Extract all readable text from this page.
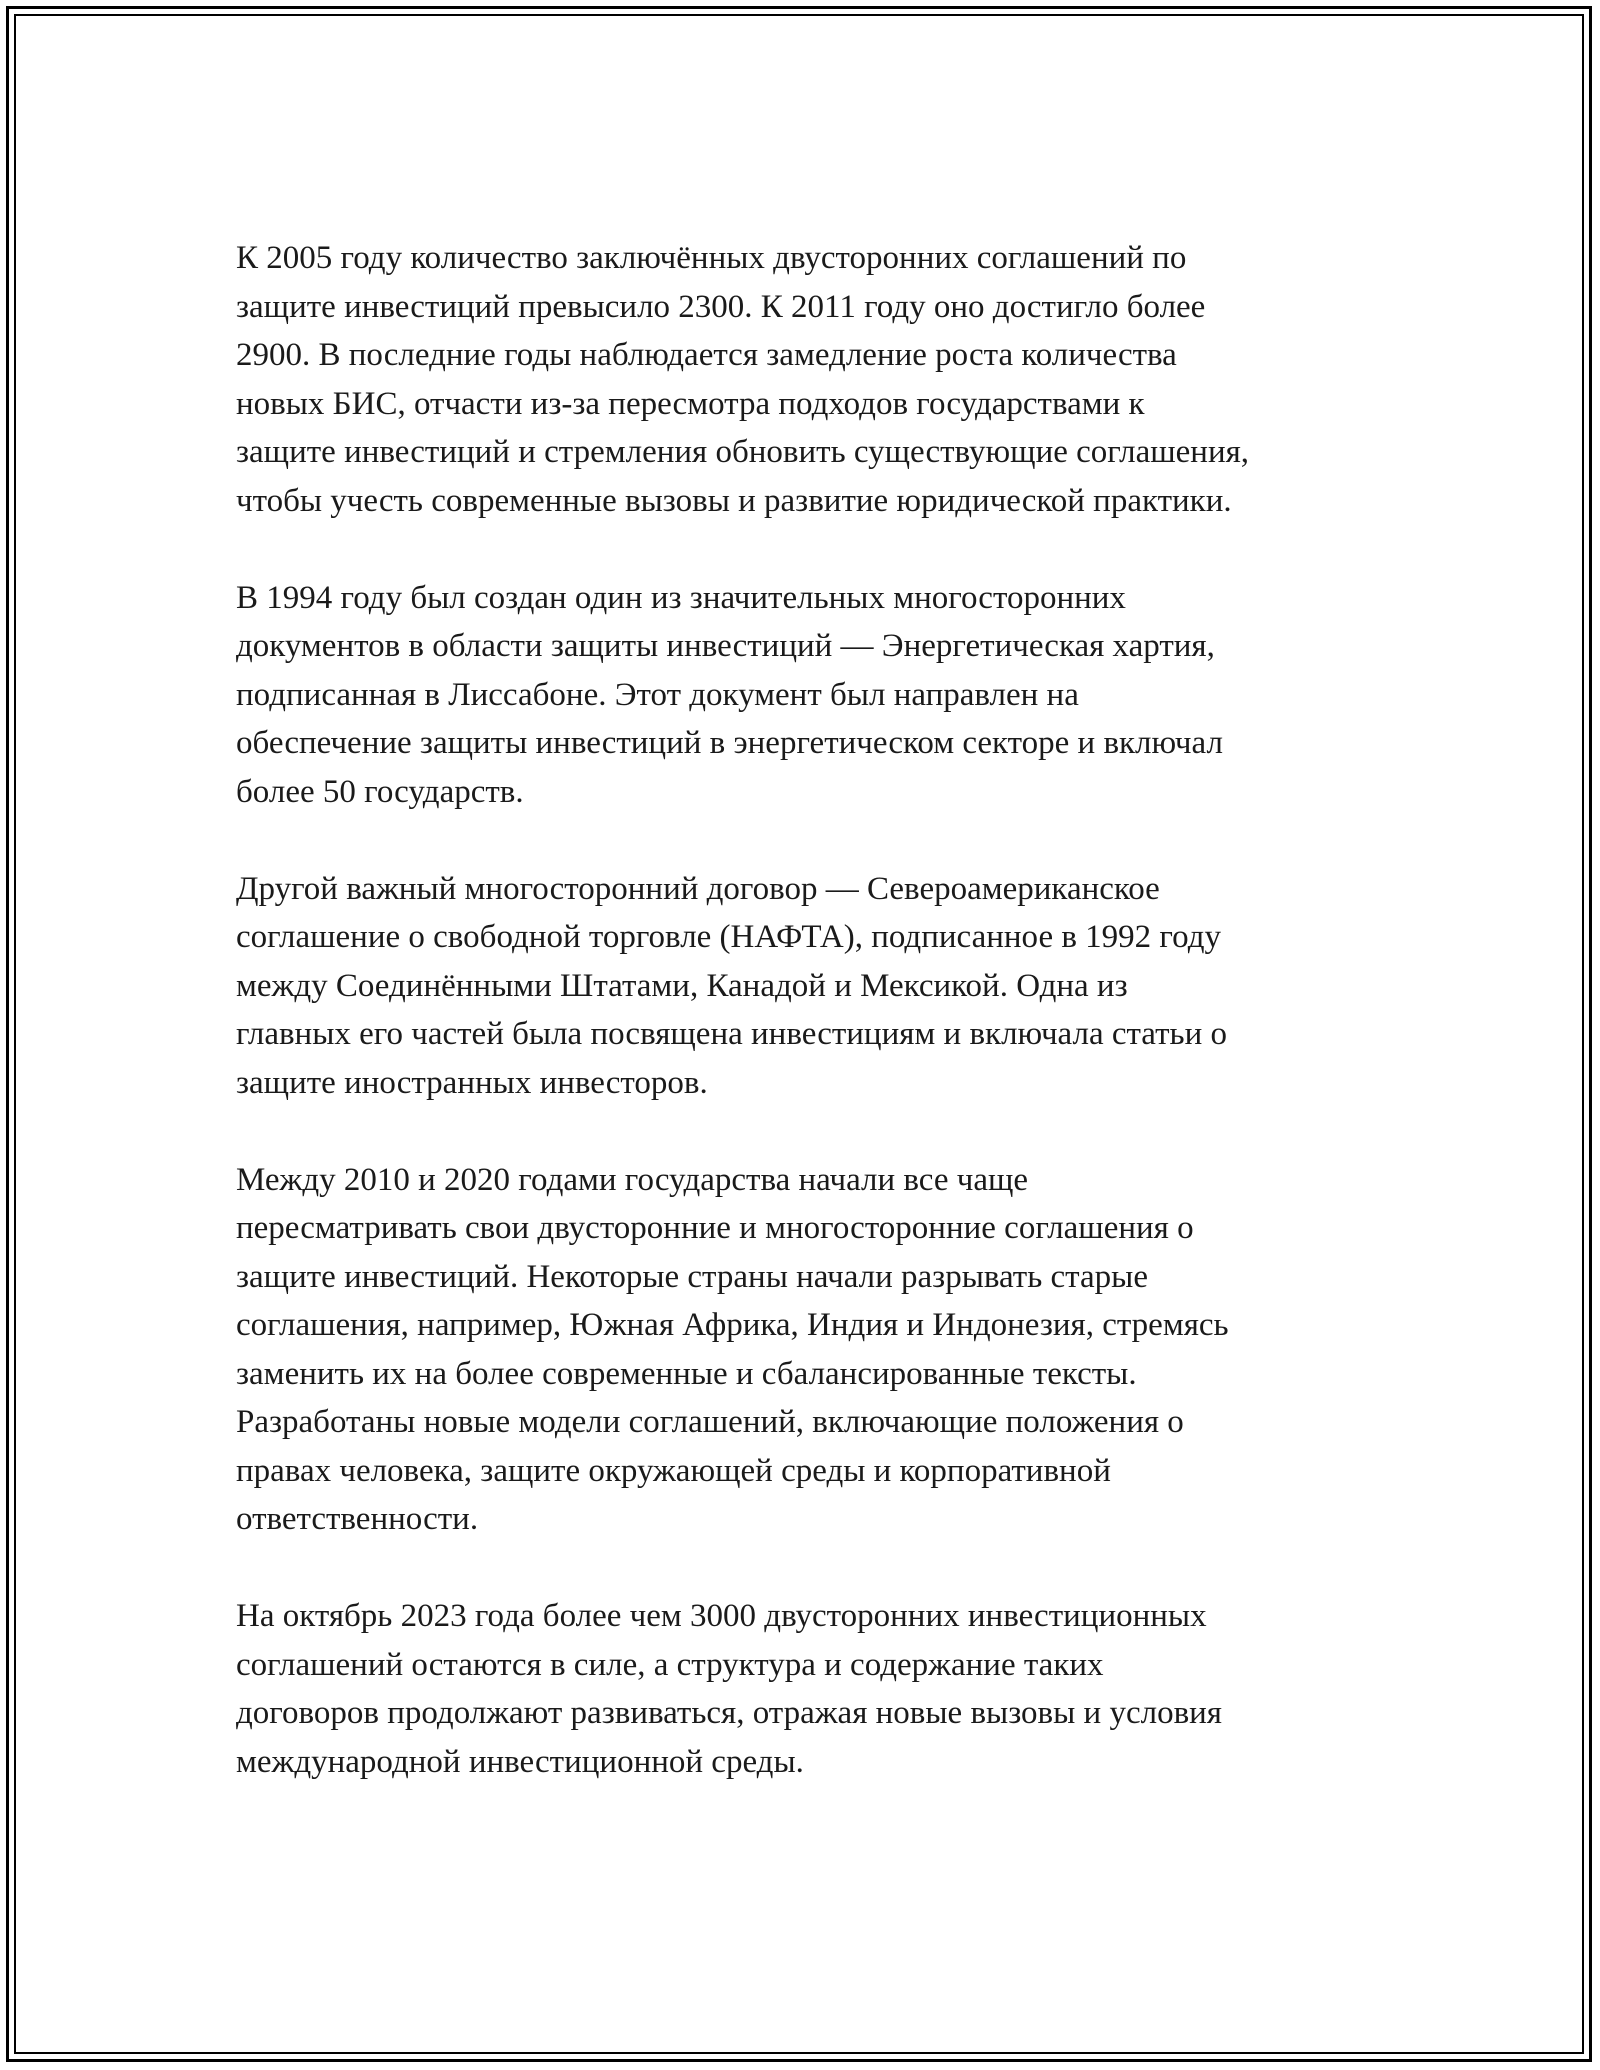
К 2005 году количество заключённых двусторонних соглашений по
защите инвестиций превысило 2300. К 2011 году оно достигло более
2900. В последние годы наблюдается замедление роста количества
новых БИС, отчасти из-за пересмотра подходов государствами к
защите инвестиций и стремления обновить существующие соглашения,
чтобы учесть современные вызовы и развитие юридической практики.

В 1994 году был создан один из значительных многосторонних
документов в области защиты инвестиций — Энергетическая хартия,
подписанная в Лиссабоне. Этот документ был направлен на
обеспечение защиты инвестиций в энергетическом секторе и включал
более 50 государств.

Другой важный многосторонний договор — Североамериканское
соглашение о свободной торговле (НАФТА), подписанное в 1992 году
между Соединёнными Штатами, Канадой и Мексикой. Одна из
главных его частей была посвящена инвестициям и включала статьи о
защите иностранных инвесторов.

Между 2010 и 2020 годами государства начали все чаще
пересматривать свои двусторонние и многосторонние соглашения о
защите инвестиций. Некоторые страны начали разрывать старые
соглашения, например, Южная Африка, Индия и Индонезия, стремясь
заменить их на более современные и сбалансированные тексты.
Разработаны новые модели соглашений, включающие положения о
правах человека, защите окружающей среды и корпоративной
ответственности.

На октябрь 2023 года более чем 3000 двусторонних инвестиционных
соглашений остаются в силе, а структура и содержание таких
договоров продолжают развиваться, отражая новые вызовы и условия
международной инвестиционной среды.
